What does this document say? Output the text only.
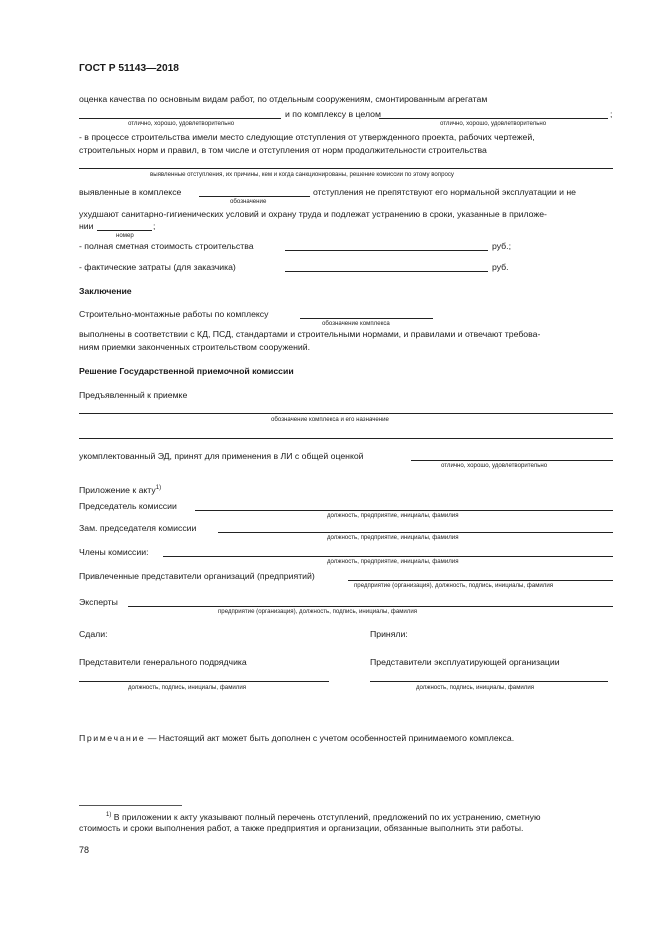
ГОСТ Р 51143—2018
оценка качества по основным видам работ, по отдельным сооружениям, смонтированным агрегатам
и по комплексу в целом	;
отлично, хорошо, удовлетворительно	отлично, хорошо, удовлетворительно
- в процессе строительства имели место следующие отступления от утвержденного проекта, рабочих чертежей,
строительных норм и правил, в том числе и отступления от норм продолжительности строительства
выявленные отступления, их причины, кем и когда санкционированы, решение комиссии по этому вопросу
выявленные в комплексе	отступления не препятствуют его нормальной эксплуатации и не
обозначение
ухудшают санитарно-гигиенических условий и охрану труда и подлежат устранению в сроки, указанные в приложе-
нии	;
номер
- полная сметная стоимость строительства	руб.;
- фактические затраты (для заказчика)	руб.
Заключение
Строительно-монтажные работы по комплексу
обозначение комплекса
выполнены в соответствии с КД, ПСД, стандартами и строительными нормами, и правилами и отвечают требова-
ниям приемки законченных строительством сооружений.
Решение Государственной приемочной комиссии
Предъявленный к приемке
обозначение комплекса и его назначение
укомплектованный ЭД, принят для применения в ЛИ с общей оценкой
отлично, хорошо, удовлетворительно
Приложение к акту$^{1)}$
Председатель комиссии
должность, предприятие, инициалы, фамилия
Зам. председателя комиссии
должность, предприятие, инициалы, фамилия
Члены комиссии:
должность, предприятие, инициалы, фамилия
Привлеченные представители организаций (предприятий)
предприятие (организация), должность, подпись, инициалы, фамилия
Эксперты
предприятие (организация), должность, подпись, инициалы, фамилия
Сдали:	Приняли:
Представители генерального подрядчика	Представители эксплуатирующей организации
должность, подпись, инициалы, фамилия	должность, подпись, инициалы, фамилия
Примечание — Настоящий акт может быть дополнен с учетом особенностей принимаемого комплекса.
$^{1)}$ В приложении к акту указывают полный перечень отступлений, предложений по их устранению, сметную
стоимость и сроки выполнения работ, а также предприятия и организации, обязанные выполнить эти работы.
78
